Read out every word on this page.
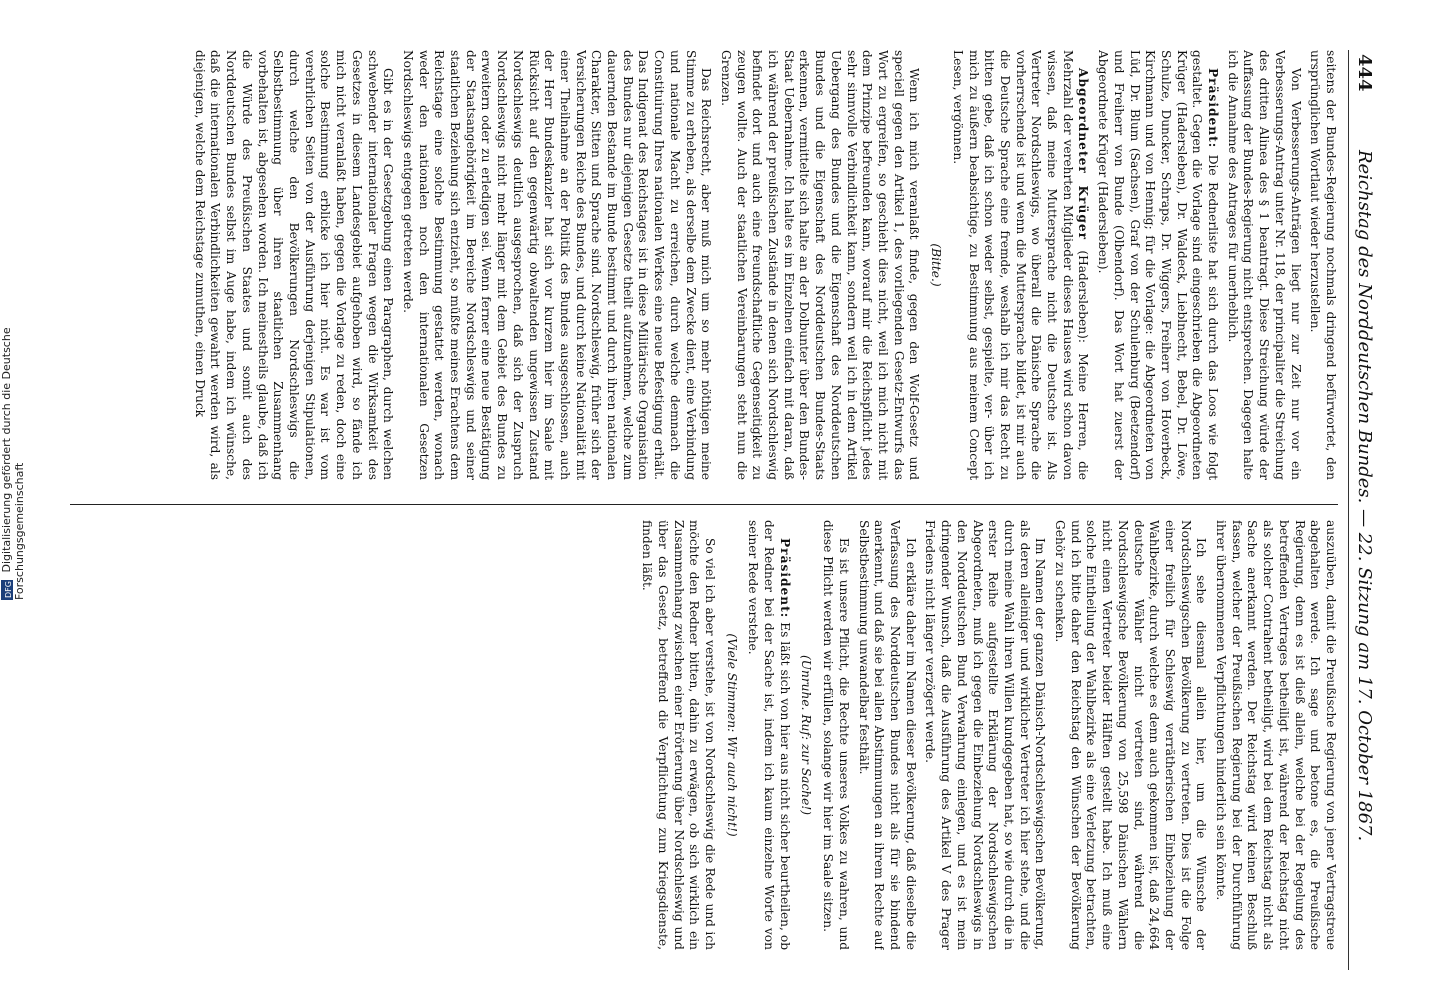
444
Reichstag des Norddeutschen Bundes. — 22. Sitzung am 17. October 1867.

seitens der Bundes-Regierung nochmals dringend befürwortet, den ursprünglichen Wortlaut wieder herzustellen.

Von Verbesserungs-Anträgen liegt nur zur Zeit nur vor ein Verbesserungs-Antrag unter Nr. 118, der principaliter die Streichung des dritten Alinea des § 1 beantragt. Diese Streichung würde der Auffassung der Bundes-Regierung nicht entsprechen. Dagegen halte ich die Annahme des Antrages für unerheblich.

Präsident: Die Rednerliste hat sich durch das Loos wie folgt gestaltet. Gegen die Vorlage sind eingeschrieben die Abgeordneten Krüger (Hadersleben), Dr. Waldeck, Lieblnecht, Bebel, Dr. Löwe, Schulze, Duncker, Schraps, Dr. Wiggers, Freiherr von Hoverbeck, Kirchmann und von Hennig; für die Vorlage: die Abgeordneten von Lüd, Dr. Blum (Sachsen), Graf von der Schulenburg (Beetzendorf) und Freiherr von Bunde (Olbendorf). Das Wort hat zuerst der Abgeordnete Krüger (Hadersleben).

Abgeordneter Krüger (Hadersleben): Meine Herren, die Mehrzahl der verehrten Mitglieder dieses Hauses wird schon davon wissen, daß meine Muttersprache nicht die Deutsche ist. Als Vertreter Nordschleswigs, wo überall die Dänische Sprache die vorherrschende ist und wenn die Muttersprache bildet, ist mir auch die Deutsche Sprache eine fremde, weshalb ich mir das Recht zu bitten gebe, daß ich schon weder selbst, gespielte, ver- über ich mich zu äußern beabsichtige, zu Bestimmung aus meinem Concept Lesen, vergönnen.

(Bitte.)

Wenn ich mich veranlaßt finde, gegen den Wolf-Gesetz und speciell gegen den Artikel 1, des vorliegenden Gesetz-Entwurfs das Wort zu ergreifen, so geschieht dies nicht, weil ich mich nicht mit dem Prinzipe befreunden kann, worauf mir die Reichspflicht jedes sehr sinnvolle Verbindlichkeit kann, sondern weil ich in dem Artikel Uebergang des Bundes und die Eigenschaft des Norddeutschen Bundes und die Eigenschaft des Norddeutschen Bundes-Staats erkennen, vermittelte sich halte an der Dolbunter über den Bundes-Staat Uebernahme. Ich halte es im Einzelnen einfach mit daran, daß ich während der preußischen Zustände in denen sich Nordschleswig befindet dort und auch eine freundschaftliche Gegenseitigkeit zu zeugen wollte. Auch der staatlichen Vereinbarungen steht nun die Grenzen.

Das Reichsrecht, aber muß mich um so mehr nöthigen meine Stimme zu erheben, als derselbe dem Zwecke dient, eine Verbindung und nationale Macht zu erreichen, durch welche demnach die Constituirung Ihres nationalen Werkes eine neue Befestigung erhält. Das Indigenat des Reichstages ist in diese Militärische Organisation des Bundes nur diejenigen Gesetze theilt aufzunehmen, welche zum dauernden Bestande im Bunde bestimmt und durch ihren nationalen Charakter, Sitten und Sprache sind. Nordschleswig, früher sich der Versicherungen Reiche des Bundes, und durch keine Nationalität mit einer Theilnahme an der Politik des Bundes ausgeschlossen, auch der Herr Bundeskanzler hat sich vor kurzem hier im Saale mit Rücksicht auf den gegenwärtig obwaltenden ungewissen Zustand Nordschleswigs deutlich ausgesprochen, daß sich der Zuspruch Nordschleswigs nicht mehr länger mit dem Gebiet des Bundes zu erweitern oder zu erledigen sei. Wenn ferner eine neue Bestätigung der Staatsangehörigkeit im Bereiche Nordschleswigs und seiner staatlichen Beziehung sich entzieht, so müßte meines Erachtens dem Reichstage eine solche Bestimmung gestattet werden, wonach weder den nationalen noch den internationalen Gesetzen Nordschleswigs entgegen getreten werde.

Gibt es in der Gesetzgebung einen Paragraphen, durch welchen schwebender internationaler Fragen wegen die Wirksamkeit des Gesetzes in diesem Landesgebiet aufgehoben wird, so fände ich mich nicht veranlaßt haben, gegen die Vorlage zu reden, doch eine solche Bestimmung erblicke ich hier nicht. Es war ist vom verehrlichen Seiten von der Ausführung derjenigen Stipulationen, durch welche den Bevölkerungen Nordschleswigs die Selbstbestimmung über ihren staatlichen Zusammenhang vorbehalten ist, abgesehen worden. Ich meinestheils glaube, daß ich die Würde des Preußischen Staates und somit auch des Norddeutschen Bundes selbst im Auge habe, indem ich wünsche, daß die internationalen Verbindlichkeiten gewahrt werden wird, als diejenigen, welche dem Reichstage zumuthen, einen Druck

auszuüben, damit die Preußische Regierung von jener Vertragstreue abgehalten werde. Ich sage und betone es, die Preußische Regierung, denn es ist dieß allein, welche bei der Regelung des betreffenden Vertrages betheiligt ist, während der Reichstag nicht als solcher Contrahent betheiligt, wird bei dem Reichstag nicht als Sache anerkannt werden. Der Reichstag wird keinen Beschluß fassen, welcher der Preußischen Regierung bei der Durchführung ihrer übernommenen Verpflichtungen hinderlich sein könnte.

Ich sehe diesmal allein hier, um die Wünsche der Nordschleswigschen Bevölkerung zu vertreten. Dies ist die Folge einer freilich für Schleswig verrätherischen Einbeziehung der Wahlbezirke, durch welche es denn auch gekommen ist, daß 24,664 deutsche Wähler nicht vertreten sind, während die Nordschleswigsche Bevölkerung von 25,598 Dänischen Wählern nicht einen Vertreter beider Hälften gestellt habe. Ich muß eine solche Eintheilung der Wahlbezirke als eine Verletzung betrachten, und ich bitte daher den Reichstag den Wünschen der Bevölkerung Gehör zu schenken.

Im Namen der ganzen Dänisch-Nordschleswigschen Bevölkerung, als deren alleiniger und wirklicher Vertreter ich hier stehe, und die durch meine Wahl ihren Willen kundgegeben hat, so wie durch die in erster Reihe aufgestellte Erklärung der Nordschleswigschen Abgeordneten, muß ich gegen die Einbeziehung Nordschleswigs in den Norddeutschen Bund Verwahrung einlegen, und es ist mein dringender Wunsch, daß die Ausführung des Artikel V des Prager Friedens nicht länger verzögert werde.

Ich erkläre daher im Namen dieser Bevölkerung, daß dieselbe die Verfassung des Norddeutschen Bundes nicht als für sie bindend anerkennt, und daß sie bei allen Abstimmungen an ihrem Rechte auf Selbstbestimmung unwandelbar festhält.

Es ist unsere Pflicht, die Rechte unseres Volkes zu wahren, und diese Pflicht werden wir erfüllen, solange wir hier im Saale sitzen.

(Unruhe. Ruf: zur Sache!)

Präsident: Es läßt sich von hier aus nicht sicher beurtheilen, ob der Redner bei der Sache ist, indem ich kaum einzelne Worte von seiner Rede verstehe.

(Viele Stimmen: Wir auch nicht!)

So viel ich aber verstehe, ist von Nordschleswig die Rede und ich möchte den Redner bitten, dahin zu erwägen, ob sich wirklich ein Zusammenhang zwischen einer Erörterung über Nordschleswig und über das Gesetz, betreffend die Verpflichtung zum Kriegsdienste, finden läßt.

DFG Digitalisierung gefördert durch die Deutsche Forschungsgemeinschaft
